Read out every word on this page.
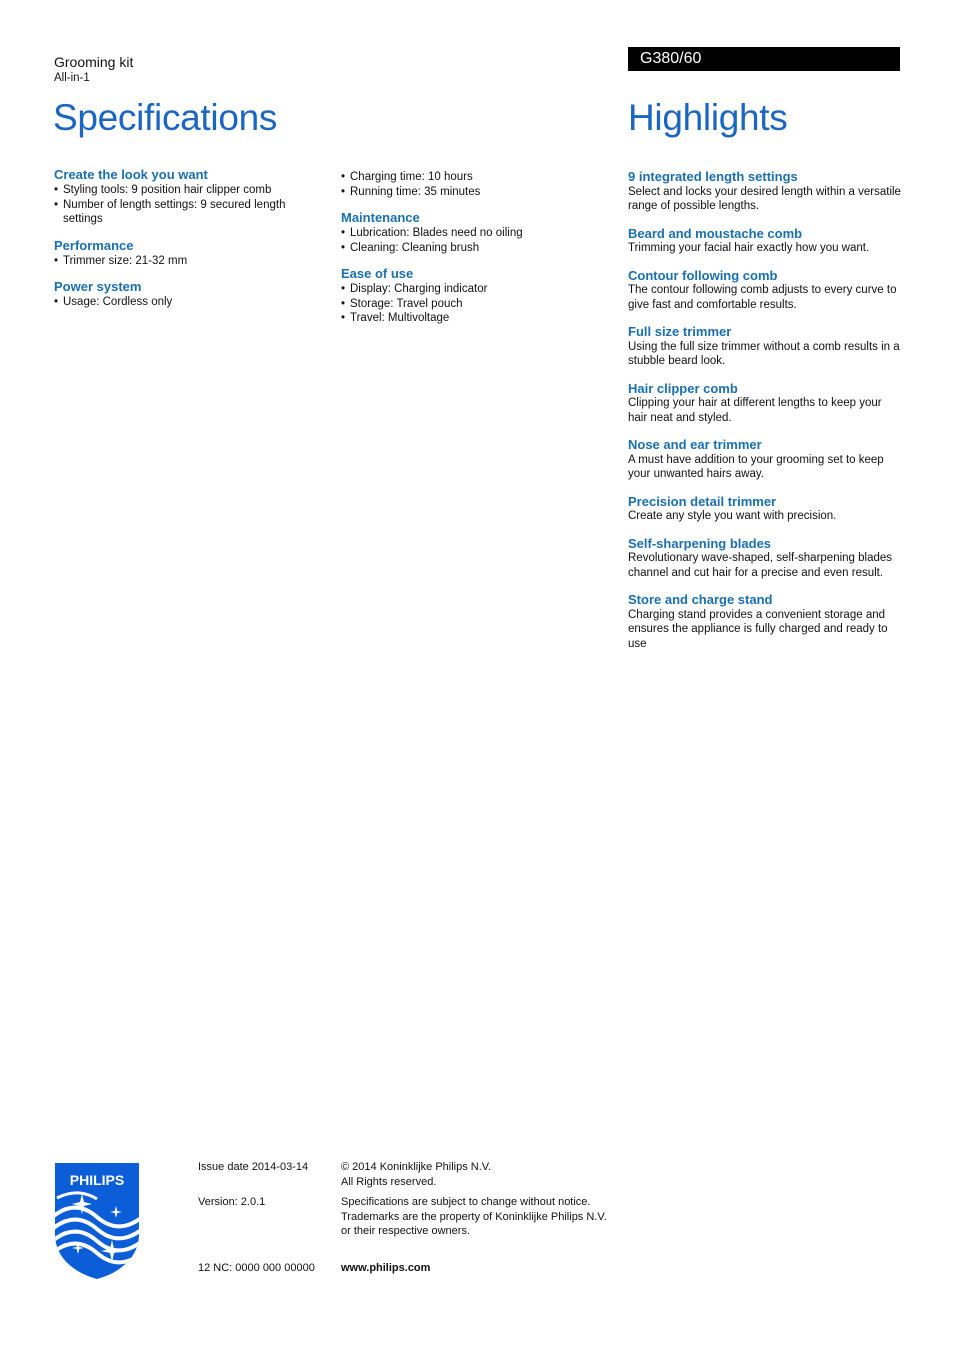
Grooming kit
All-in-1
Specifications
G380/60
Highlights

Create the look you want

• Styling tools: 9 position hair clipper comb
• Number of length settings: 9 secured length settings

Performance

• Trimmer size: 21-32 mm

Power system

• Usage: Cordless only
• Charging time: 10 hours
• Running time: 35 minutes

Maintenance

• Lubrication: Blades need no oiling
• Cleaning: Cleaning brush

Ease of use

• Display: Charging indicator
• Storage: Travel pouch
• Travel: Multivoltage

9 integrated length settings

Select and locks your desired length within a versatile range of possible lengths.

Beard and moustache comb

Trimming your facial hair exactly how you want.

Contour following comb

The contour following comb adjusts to every curve to give fast and comfortable results.

Full size trimmer

Using the full size trimmer without a comb results in a stubble beard look.

Hair clipper comb

Clipping your hair at different lengths to keep your hair neat and styled.

Nose and ear trimmer

A must have addition to your grooming set to keep your unwanted hairs away.

Precision detail trimmer

Create any style you want with precision.

Self-sharpening blades

Revolutionary wave-shaped, self-sharpening blades channel and cut hair for a precise and even result.

Store and charge stand

Charging stand provides a convenient storage and ensures the appliance is fully charged and ready to use

PHILIPS
Issue date 2014-03-14
Version: 2.0.1
12 NC: 0000 000 00000
© 2014 Koninklijke Philips N.V.
All Rights reserved.
Specifications are subject to change without notice.
Trademarks are the property of Koninklijke Philips N.V.
or their respective owners.
www.philips.com
